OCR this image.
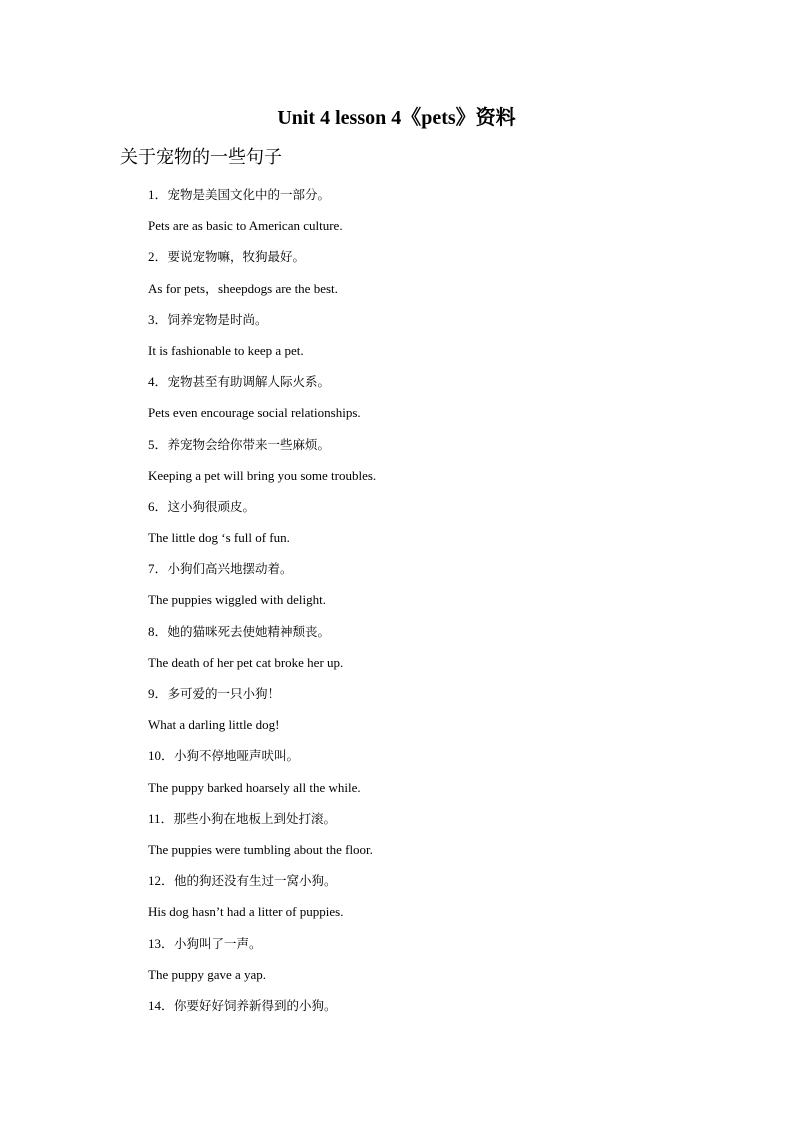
Unit 4 lesson 4《pets》资料
关于宠物的一些句子
1．宠物是美国文化中的一部分。
Pets are as basic to American culture.
2．要说宠物嘛，牧狗最好。
As for pets，sheepdogs are the best.
3．饲养宠物是时尚。
It is fashionable to keep a pet.
4．宠物甚至有助调解人际火系。
Pets even encourage social relationships.
5．养宠物会给你带来一些麻烦。
Keeping a pet will bring you some troubles.
6．这小狗很顽皮。
The little dog ‘s full of fun.
7．小狗们高兴地摆动着。
The puppies wiggled with delight.
8．她的猫咪死去使她精神颓丧。
The death of her pet cat broke her up.
9．多可爱的一只小狗！
What a darling little dog!
10．小狗不停地哑声吠叫。
The puppy barked hoarsely all the while.
11．那些小狗在地板上到处打滚。
The puppies were tumbling about the floor.
12．他的狗还没有生过一窝小狗。
His dog hasn’t had a litter of puppies.
13．小狗叫了一声。
The puppy gave a yap.
14．你要好好饲养新得到的小狗。
